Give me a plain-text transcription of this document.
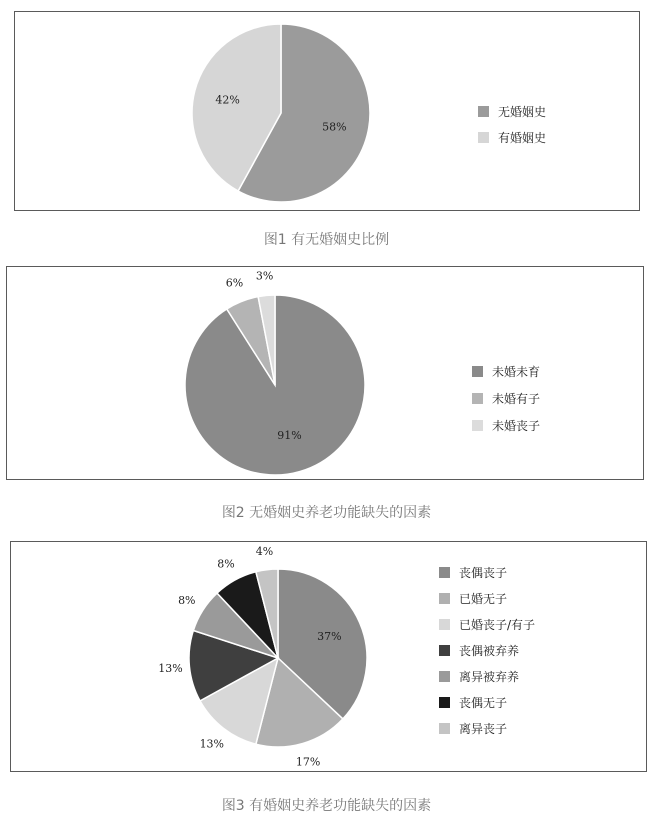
58%
42%
无婚姻史
有婚姻史
图1 有无婚姻史比例
91%
6%
3%
未婚未育
未婚有子
未婚丧子
图2 无婚姻史养老功能缺失的因素
37%
17%
13%
13%
8%
8%
4%
丧偶丧子
已婚无子
已婚丧子/有子
丧偶被弃养
离异被弃养
丧偶无子
离异丧子
图3 有婚姻史养老功能缺失的因素
